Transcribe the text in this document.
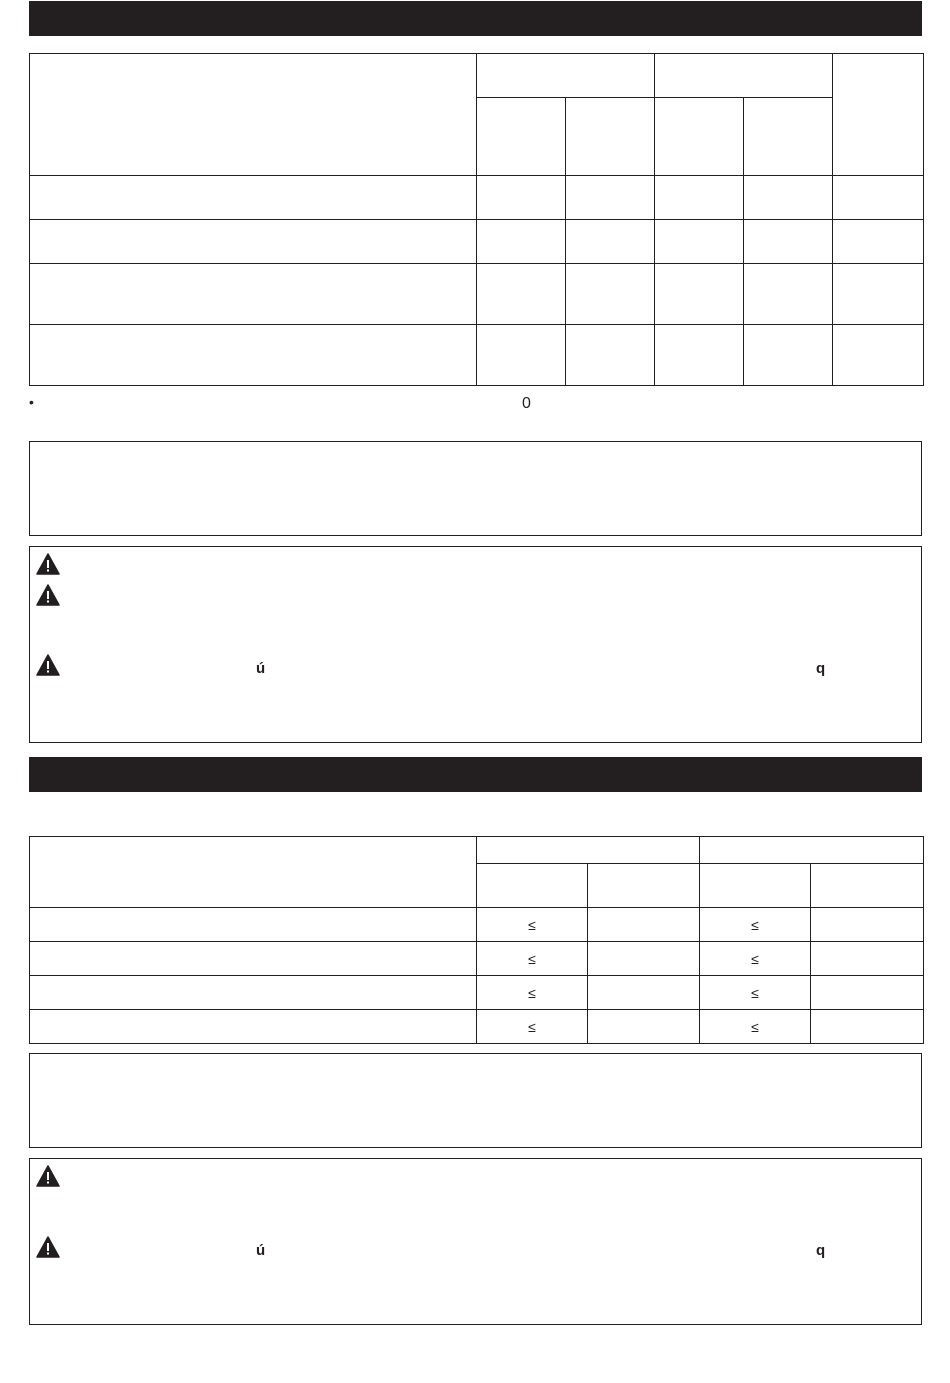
•	0
ú	q

	≤		≤	
	≤		≤	
	≤		≤	
	≤		≤	
ú	q
